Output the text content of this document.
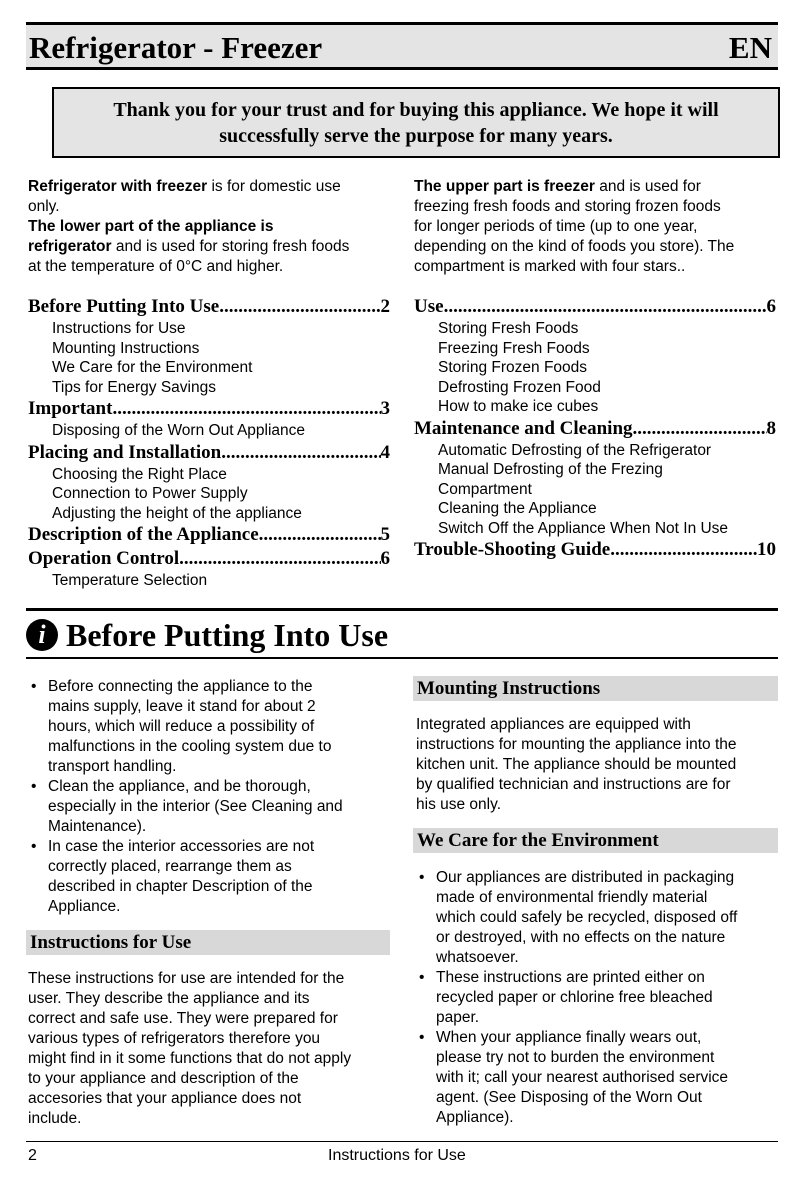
Refrigerator - Freezer	EN
Thank you for your trust and for buying this appliance. We hope it will
successfully serve the purpose for many years.
Refrigerator with freezer is for domestic use
only.
The lower part of the appliance is
refrigerator and is used for storing fresh foods
at the temperature of 0°C and higher.
The upper part is freezer and is used for
freezing fresh foods and storing frozen foods
for longer periods of time (up to one year,
depending on the kind of foods you store). The
compartment is marked with four stars..
Before Putting Into Use .....	2
Instructions for Use
Mounting Instructions
We Care for the Environment
Tips for Energy Savings
Important .....	3
Disposing of the Worn Out Appliance
Placing and Installation .....	4
Choosing the Right Place
Connection to Power Supply
Adjusting the height of the appliance
Description of the Appliance .....	5
Operation Control .....	6
Temperature Selection
Use .....	6
Storing Fresh Foods
Freezing Fresh Foods
Storing Frozen Foods
Defrosting Frozen Food
How to make ice cubes
Maintenance and Cleaning .....	8
Automatic Defrosting of the Refrigerator
Manual Defrosting of the Frezing
Compartment
Cleaning the Appliance
Switch Off the Appliance When Not In Use
Trouble-Shooting Guide .....	10
i Before Putting Into Use
• Before connecting the appliance to the
mains supply, leave it stand for about 2
hours, which will reduce a possibility of
malfunctions in the cooling system due to
transport handling.
• Clean the appliance, and be thorough,
especially in the interior (See Cleaning and
Maintenance).
• In case the interior accessories are not
correctly placed, rearrange them as
described in chapter Description of the
Appliance.
Instructions for Use
These instructions for use are intended for the
user. They describe the appliance and its
correct and safe use. They were prepared for
various types of refrigerators therefore you
might find in it some functions that do not apply
to your appliance and description of the
accesories that your appliance does not
include.
Mounting Instructions
Integrated appliances are equipped with
instructions for mounting the appliance into the
kitchen unit. The appliance should be mounted
by qualified technician and instructions are for
his use only.
We Care for the Environment
• Our appliances are distributed in packaging
made of environmental friendly material
which could safely be recycled, disposed off
or destroyed, with no effects on the nature
whatsoever.
• These instructions are printed either on
recycled paper or chlorine free bleached
paper.
• When your appliance finally wears out,
please try not to burden the environment
with it; call your nearest authorised service
agent. (See Disposing of the Worn Out
Appliance).
2	Instructions for Use
